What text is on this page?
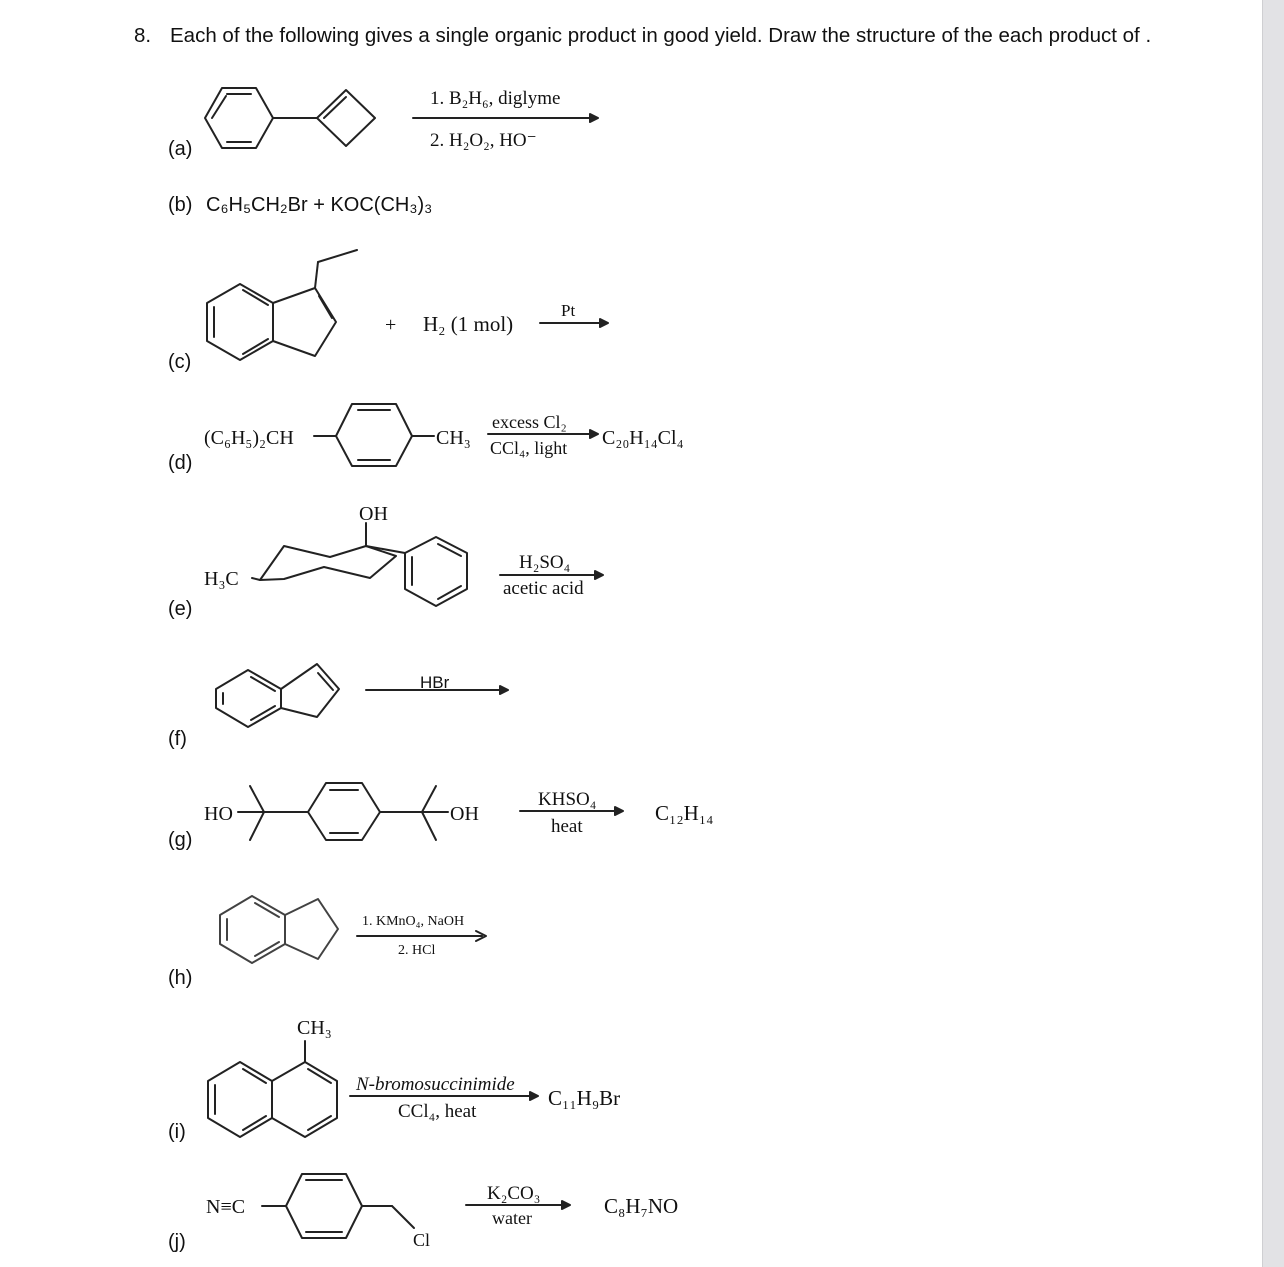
8. Each of the following gives a single organic product in good yield. Draw the structure of the each product of .
(a)
(b) C₆H₅CH₂Br + KOC(CH₃)₃
(c)
(d)
(e)
(f)
(g)
(h)
(i)
(j)
1. B₂H₆, diglyme
2. H₂O₂, HO⁻
+ H₂ (1 mol)
Pt
(C₆H₅)₂CH	CH₃
excess Cl₂
CCl₄, light C₂₀H₁₄Cl₄
OH
H₃C
H₂SO₄
acetic acid
HBr
HO	OH
KHSO₄
heat
C₁₂H₁₄
1. KMnO₄, NaOH
2. HCl
CH₃
N-bromosuccinimide
CCl₄, heat
C₁₁H₉Br
N≡C
Cl
K₂CO₃
water	C₈H₇NO
